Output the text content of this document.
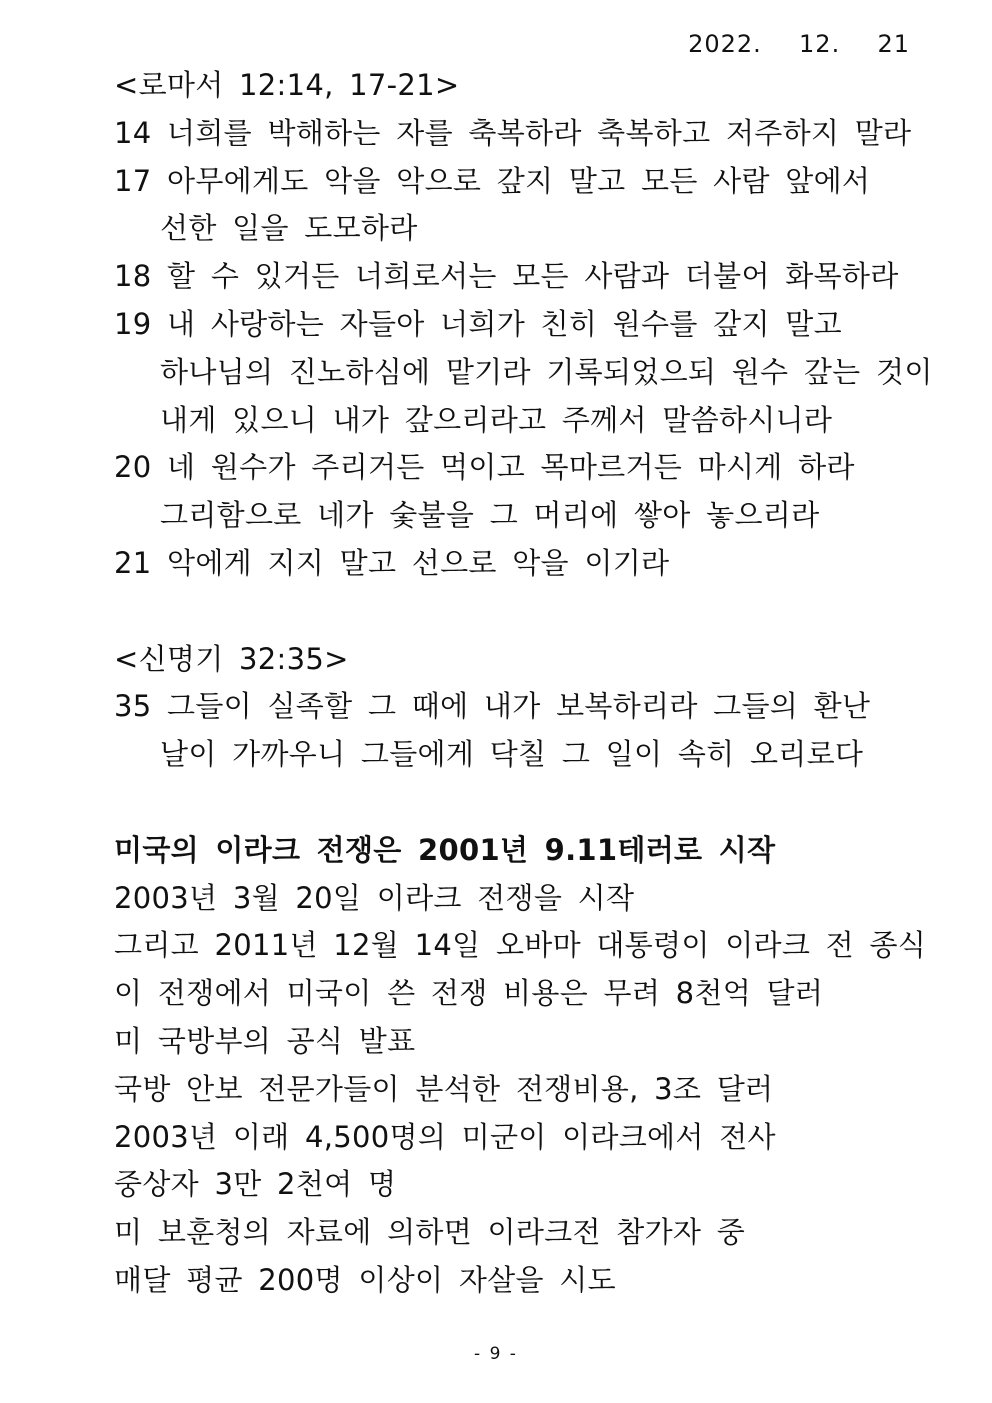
2022.  12.  21
<로마서 12:14, 17-21>
14 너희를 박해하는 자를 축복하라 축복하고 저주하지 말라
17 아무에게도 악을 악으로 갚지 말고 모든 사람 앞에서
선한 일을 도모하라
18 할 수 있거든 너희로서는 모든 사람과 더불어 화목하라
19 내 사랑하는 자들아 너희가 친히 원수를 갚지 말고
하나님의 진노하심에 맡기라 기록되었으되 원수 갚는 것이
내게 있으니 내가 갚으리라고 주께서 말씀하시니라
20 네 원수가 주리거든 먹이고 목마르거든 마시게 하라
그리함으로 네가 숯불을 그 머리에 쌓아 놓으리라
21 악에게 지지 말고 선으로 악을 이기라
<신명기 32:35>
35 그들이 실족할 그 때에 내가 보복하리라 그들의 환난
날이 가까우니 그들에게 닥칠 그 일이 속히 오리로다
미국의 이라크 전쟁은 2001년 9.11테러로 시작
2003년 3월 20일 이라크 전쟁을 시작
그리고 2011년 12월 14일 오바마 대통령이 이라크 전 종식
이 전쟁에서 미국이 쓴 전쟁 비용은 무려 8천억 달러
미 국방부의 공식 발표
국방 안보 전문가들이 분석한 전쟁비용, 3조 달러
2003년 이래 4,500명의 미군이 이라크에서 전사
중상자 3만 2천여 명
미 보훈청의 자료에 의하면 이라크전 참가자 중
매달 평균 200명 이상이 자살을 시도
- 9 -
